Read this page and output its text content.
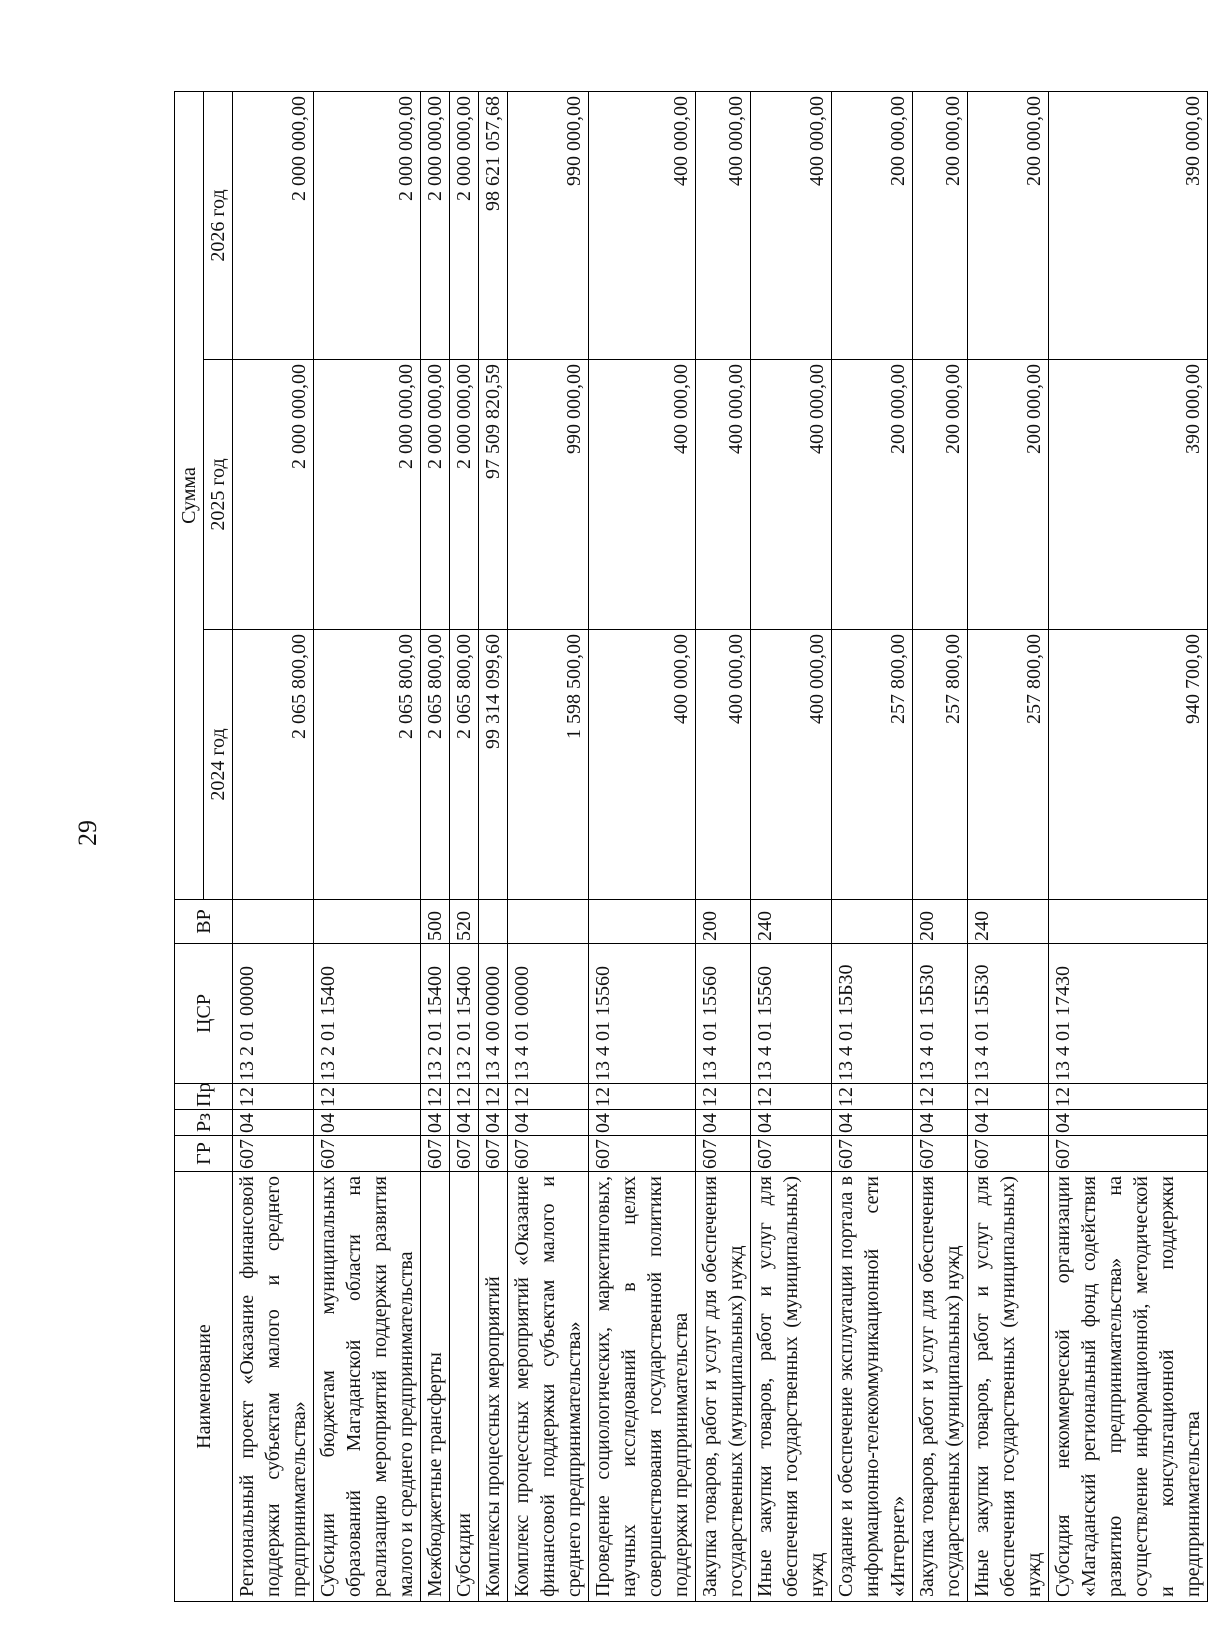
29
Наименование	ГР	Рз	Пр	ЦСР	ВР	Сумма		
						2024 год	2025 год	2026 год
Региональный проект «Оказание финансовой поддержки субъектам малого и среднего предпринимательства»	607	04	12	13 2 01 00000		2 065 800,00	2 000 000,00	2 000 000,00
Субсидии бюджетам муниципальных образований Магаданской области на реализацию мероприятий поддержки развития малого и среднего предпринимательства	607	04	12	13 2 01 15400		2 065 800,00	2 000 000,00	2 000 000,00
Межбюджетные трансферты	607	04	12	13 2 01 15400	500	2 065 800,00	2 000 000,00	2 000 000,00
Субсидии	607	04	12	13 2 01 15400	520	2 065 800,00	2 000 000,00	2 000 000,00
Комплексы процессных мероприятий	607	04	12	13 4 00 00000		99 314 099,60	97 509 820,59	98 621 057,68
Комплекс процессных мероприятий «Оказание финансовой поддержки субъектам малого и среднего предпринимательства»	607	04	12	13 4 01 00000		1 598 500,00	990 000,00	990 000,00
Проведение социологических, маркетинговых, научных исследований в целях совершенствования государственной политики поддержки предпринимательства	607	04	12	13 4 01 15560		400 000,00	400 000,00	400 000,00
Закупка товаров, работ и услуг для обеспечения государственных (муниципальных) нужд	607	04	12	13 4 01 15560	200	400 000,00	400 000,00	400 000,00
Иные закупки товаров, работ и услуг для обеспечения государственных (муниципальных) нужд	607	04	12	13 4 01 15560	240	400 000,00	400 000,00	400 000,00
Создание и обеспечение эксплуатации портала в информационно-телекоммуникационной сети «Интернет»	607	04	12	13 4 01 15Б30		257 800,00	200 000,00	200 000,00
Закупка товаров, работ и услуг для обеспечения государственных (муниципальных) нужд	607	04	12	13 4 01 15Б30	200	257 800,00	200 000,00	200 000,00
Иные закупки товаров, работ и услуг для обеспечения государственных (муниципальных) нужд	607	04	12	13 4 01 15Б30	240	257 800,00	200 000,00	200 000,00
Субсидия некоммерческой организации «Магаданский региональный фонд содействия развитию предпринимательства» на осуществление информационной, методической и консультационной поддержки предпринимательства	607	04	12	13 4 01 17430		940 700,00	390 000,00	390 000,00
